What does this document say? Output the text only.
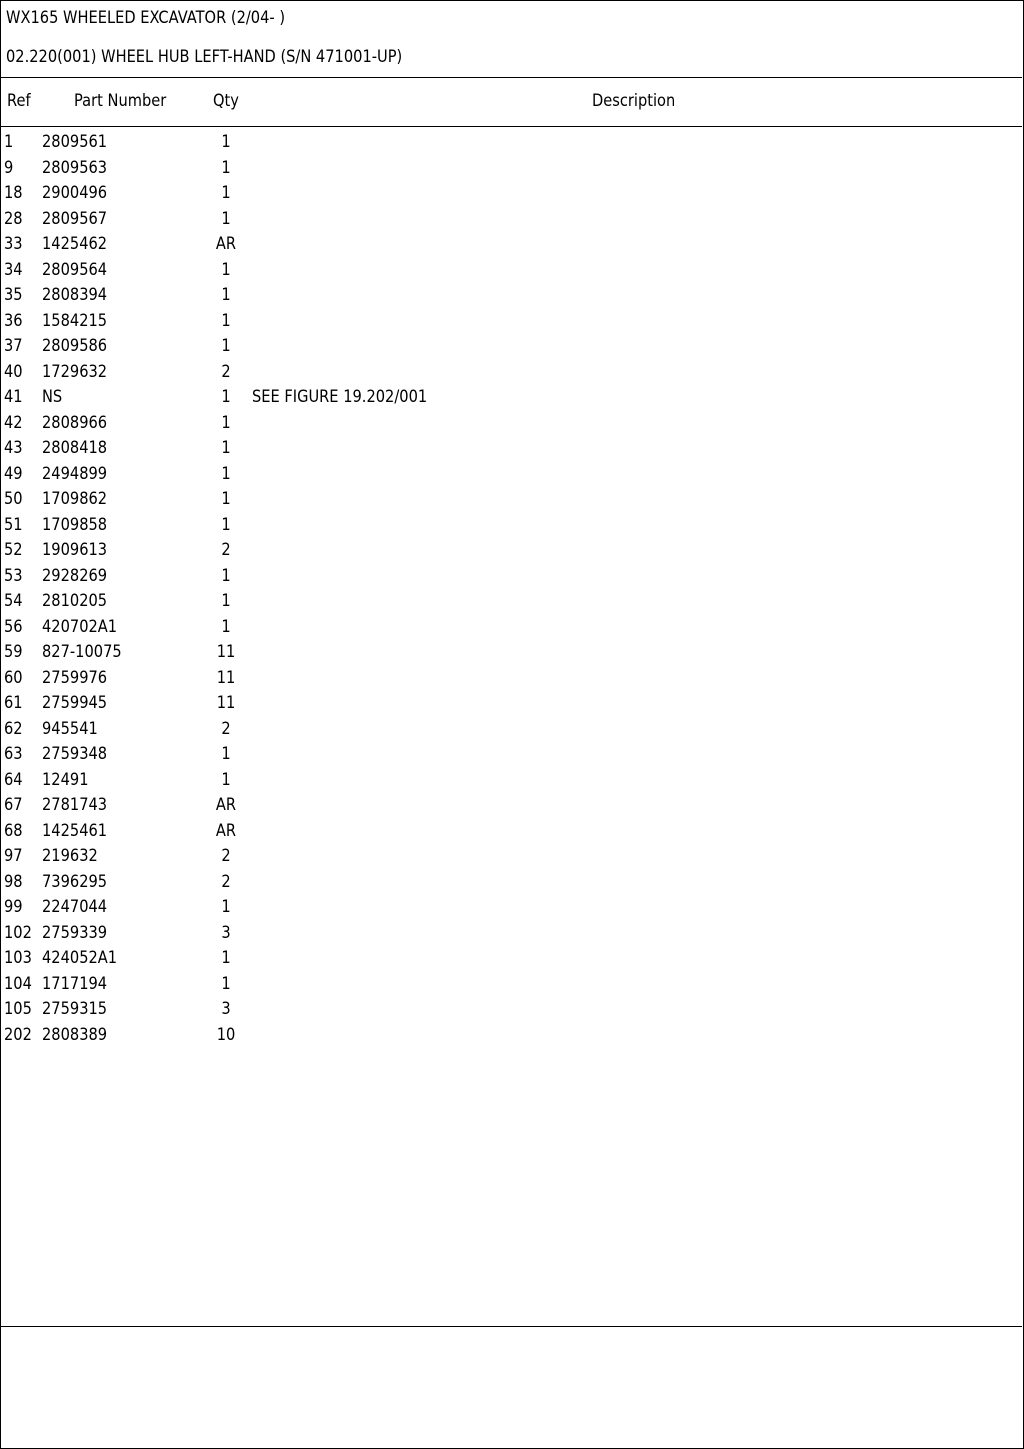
WX165 WHEELED EXCAVATOR (2/04- )
02.220(001) WHEEL HUB LEFT-HAND (S/N 471001-UP)
Ref	Part Number	Qty	Description
1 2809561	1
9 2809563	1
18 2900496	1
28 2809567	1
33 1425462	AR
34 2809564	1
35 2808394	1
36 1584215	1
37 2809586	1
40 1729632	2
41 NS	1	SEE FIGURE 19.202/001
42 2808966	1
43 2808418	1
49 2494899	1
50 1709862	1
51 1709858	1
52 1909613	2
53 2928269	1
54 2810205	1
56 420702A1	1
59 827-10075	11
60 2759976	11
61 2759945	11
62 945541	2
63 2759348	1
64 12491	1
67 2781743	AR
68 1425461	AR
97 219632	2
98 7396295	2
99 2247044	1
102 2759339	3
103 424052A1	1
104 1717194	1
105 2759315	3
202 2808389	10
